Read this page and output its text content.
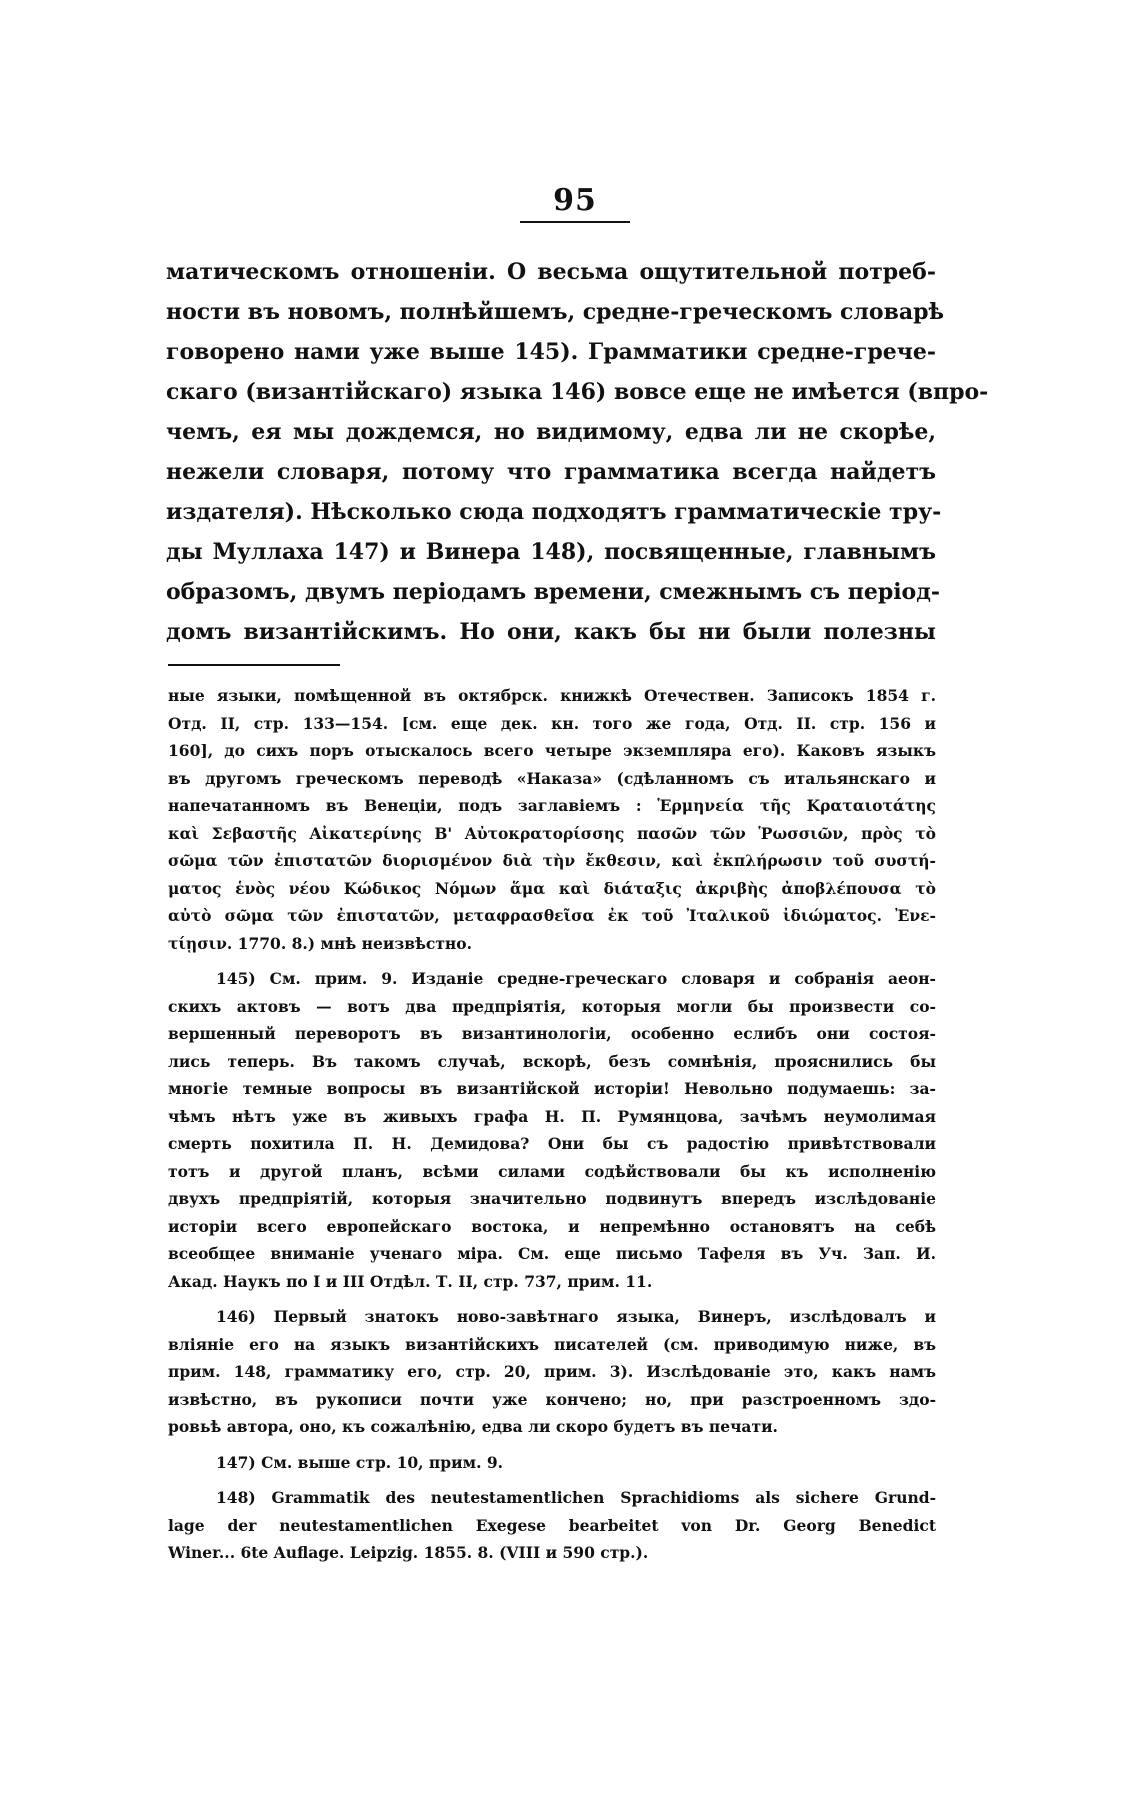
95
матическомъ отношеніи. О весьма ощутительной потреб-
ности въ новомъ, полнѣйшемъ, средне-греческомъ словарѣ
говорено нами уже выше 145). Грамматики средне-грече-
скаго (византійскаго) языка 146) вовсе еще не имѣется (впро-
чемъ, ея мы дождемся, но видимому, едва ли не скорѣе,
нежели словаря, потому что грамматика всегда найдетъ
издателя). Нѣсколько сюда подходятъ грамматическіе тру-
ды Муллаха 147) и Винера 148), посвященные, главнымъ
образомъ, двумъ періодамъ времени, смежнымъ съ період-
домъ византійскимъ. Но они, какъ бы ни были полезны
ные языки, помѣщенной въ октябрск. книжкѣ Отечествен. Записокъ 1854 г.
Отд. II, стр. 133—154. [см. еще дек. кн. того же года, Отд. II. стр. 156 и
160], до сихъ поръ отыскалось всего четыре экземпляра его). Каковъ языкъ
въ другомъ греческомъ переводѣ «Наказа» (сдѣланномъ съ итальянскаго и
напечатанномъ въ Венеціи, подъ заглавіемъ : Ἑρμηνεία τῆς Κραταιοτάτης
καὶ Σεβαστῆς Αἰκατερίνης Β' Αὐτοκρατορίσσης πασῶν τῶν Ῥωσσιῶν, πρὸς τὸ
σῶμα τῶν ἐπιστατῶν διορισμένον διὰ τὴν ἔκθεσιν, καὶ ἐκπλήρωσιν τοῦ συστή-
ματος ἑνὸς νέου Κώδικος Νόμων ἅμα καὶ διάταξις ἀκριβὴς ἀποβλέπουσα τὸ
αὐτὸ σῶμα τῶν ἐπιστατῶν, μεταφρασθεῖσα ἐκ τοῦ Ἰταλικοῦ ἰδιώματος. Ἐνε-
τίῃσιν. 1770. 8.) мнѣ неизвѣстно.
145) См. прим. 9. Изданіе средне-греческаго словаря и собранія аеон-
скихъ актовъ — вотъ два предпріятія, которыя могли бы произвести со-
вершенный переворотъ въ византинологіи, особенно еслибъ они состоя-
лись теперь. Въ такомъ случаѣ, вскорѣ, безъ сомнѣнія, прояснились бы
многіе темные вопросы въ византійской исторіи! Невольно подумаешь: за-
чѣмъ нѣтъ уже въ живыхъ графа Н. П. Румянцова, зачѣмъ неумолимая
смерть похитила П. Н. Демидова? Они бы съ радостію привѣтствовали
тотъ и другой планъ, всѣми силами содѣйствовали бы къ исполненію
двухъ предпріятій, которыя значительно подвинутъ впередъ изслѣдованіе
исторіи всего европейскаго востока, и непремѣнно остановятъ на себѣ
всеобщее вниманіе ученаго міра. См. еще письмо Тафеля въ Уч. Зап. И.
Акад. Наукъ по I и III Отдѣл. Т. II, стр. 737, прим. 11.
146) Первый знатокъ ново-завѣтнаго языка, Винеръ, изслѣдовалъ и
вліяніе его на языкъ византійскихъ писателей (см. приводимую ниже, въ
прим. 148, грамматику его, стр. 20, прим. 3). Изслѣдованіе это, какъ намъ
извѣстно, въ рукописи почти уже кончено; но, при разстроенномъ здо-
ровьѣ автора, оно, къ сожалѣнію, едва ли скоро будетъ въ печати.
147) См. выше стр. 10, прим. 9.
148) Grammatik des neutestamentlichen Sprachidioms als sichere Grund-
lage der neutestamentlichen Exegese bearbeitet von Dr. Georg Benedict
Winer... 6te Auflage. Leipzig. 1855. 8. (VIII и 590 стр.).
